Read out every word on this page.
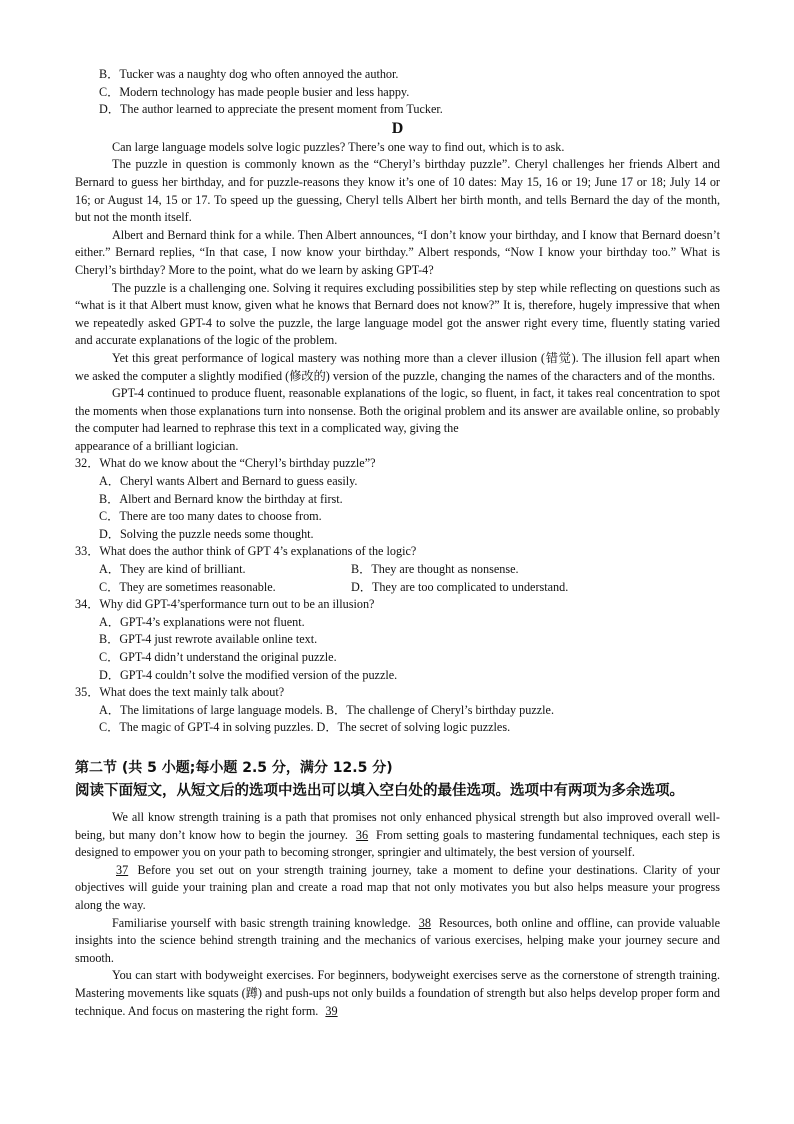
B．Tucker was a naughty dog who often annoyed the author.
C．Modern technology has made people busier and less happy.
D．The author learned to appreciate the present moment from Tucker.

D

Can large language models solve logic puzzles? There’s one way to find out, which is to ask.

The puzzle in question is commonly known as the “Cheryl’s birthday puzzle”. Cheryl challenges her friends Albert and Bernard to guess her birthday, and for puzzle-reasons they know it’s one of 10 dates: May 15, 16 or 19; June 17 or 18; July 14 or 16; or August 14, 15 or 17. To speed up the guessing, Cheryl tells Albert her birth month, and tells Bernard the day of the month, but not the month itself.

Albert and Bernard think for a while. Then Albert announces, “I don’t know your birthday, and I know that Bernard doesn’t either.” Bernard replies, “In that case, I now know your birthday.” Albert responds, “Now I know your birthday too.” What is Cheryl’s birthday? More to the point, what do we learn by asking GPT-4?

The puzzle is a challenging one. Solving it requires excluding possibilities step by step while reflecting on questions such as “what is it that Albert must know, given what he knows that Bernard does not know?” It is, therefore, hugely impressive that when we repeatedly asked GPT-4 to solve the puzzle, the large language model got the answer right every time, fluently stating varied and accurate explanations of the logic of the problem.

Yet this great performance of logical mastery was nothing more than a clever illusion (错觉). The illusion fell apart when we asked the computer a slightly modified (修改的) version of the puzzle, changing the names of the characters and of the months.

GPT-4 continued to produce fluent, reasonable explanations of the logic, so fluent, in fact, it takes real concentration to spot the moments when those explanations turn into nonsense. Both the original problem and its answer are available online, so probably the computer had learned to rephrase this text in a complicated way, giving the

appearance of a brilliant logician.

32．What do we know about the “Cheryl’s birthday puzzle”?
A．Cheryl wants Albert and Bernard to guess easily.
B．Albert and Bernard know the birthday at first.
C．There are too many dates to choose from.
D．Solving the puzzle needs some thought.
33．What does the author think of GPT 4’s explanations of the logic?
A．They are kind of brilliant.	B．They are thought as nonsense.
C．They are sometimes reasonable.	D．They are too complicated to understand.
34．Why did GPT-4’sperformance turn out to be an illusion?
A．GPT-4’s explanations were not fluent.
B．GPT-4 just rewrote available online text.
C．GPT-4 didn’t understand the original puzzle.
D．GPT-4 couldn’t solve the modified version of the puzzle.
35．What does the text mainly talk about?
A．The limitations of large language models. B．The challenge of Cheryl’s birthday puzzle.
C．The magic of GPT-4 in solving puzzles. D．The secret of solving logic puzzles.
第二节 (共 5 小题;每小题 2.5 分，满分 12.5 分)
阅读下面短文，从短文后的选项中选出可以填入空白处的最佳选项。选项中有两项为多余选项。

We all know strength training is a path that promises not only enhanced physical strength but also improved overall well-being, but many don’t know how to begin the journey. 36 From setting goals to mastering fundamental techniques, each step is designed to empower you on your path to becoming stronger, springier and ultimately, the best version of yourself.

37 Before you set out on your strength training journey, take a moment to define your destinations. Clarity of your objectives will guide your training plan and create a road map that not only motivates you but also helps measure your progress along the way.

Familiarise yourself with basic strength training knowledge. 38 Resources, both online and offline, can provide valuable insights into the science behind strength training and the mechanics of various exercises, helping make your journey secure and smooth.

You can start with bodyweight exercises. For beginners, bodyweight exercises serve as the cornerstone of strength training. Mastering movements like squats (蹲) and push-ups not only builds a foundation of strength but also helps develop proper form and technique. And focus on mastering the right form. 39
